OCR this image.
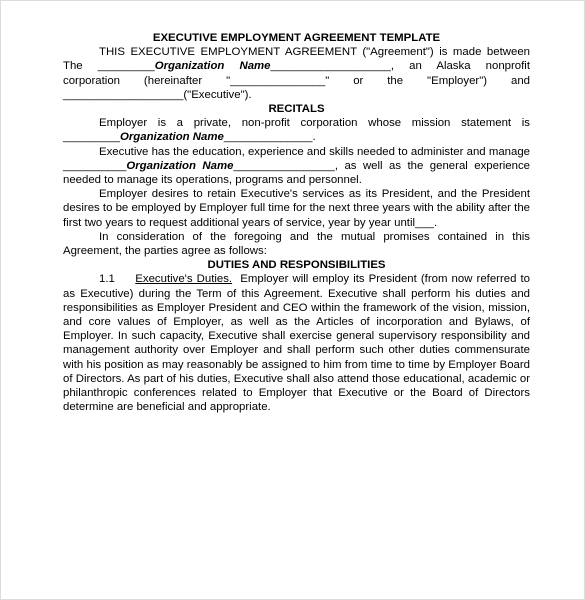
EXECUTIVE EMPLOYMENT AGREEMENT TEMPLATE

THIS EXECUTIVE EMPLOYMENT AGREEMENT ("Agreement") is made between The _________Organization Name___________________, an Alaska nonprofit corporation (hereinafter "_______________" or the "Employer") and ___________________("Executive").

RECITALS

Employer is a private, non-profit corporation whose mission statement is _________Organization Name______________.

Executive has the education, experience and skills needed to administer and manage __________Organization Name________________, as well as the general experience needed to manage its operations, programs and personnel.

Employer desires to retain Executive's services as its President, and the President desires to be employed by Employer full time for the next three years with the ability after the first two years to request additional years of service, year by year until___.

In consideration of the foregoing and the mutual promises contained in this Agreement, the parties agree as follows:

DUTIES AND RESPONSIBILITIES

1.1 Executive's Duties. Employer will employ its President (from now referred to as Executive) during the Term of this Agreement. Executive shall perform his duties and responsibilities as Employer President and CEO within the framework of the vision, mission, and core values of Employer, as well as the Articles of incorporation and Bylaws, of Employer. In such capacity, Executive shall exercise general supervisory responsibility and management authority over Employer and shall perform such other duties commensurate with his position as may reasonably be assigned to him from time to time by Employer Board of Directors. As part of his duties, Executive shall also attend those educational, academic or philanthropic conferences related to Employer that Executive or the Board of Directors determine are beneficial and appropriate.
